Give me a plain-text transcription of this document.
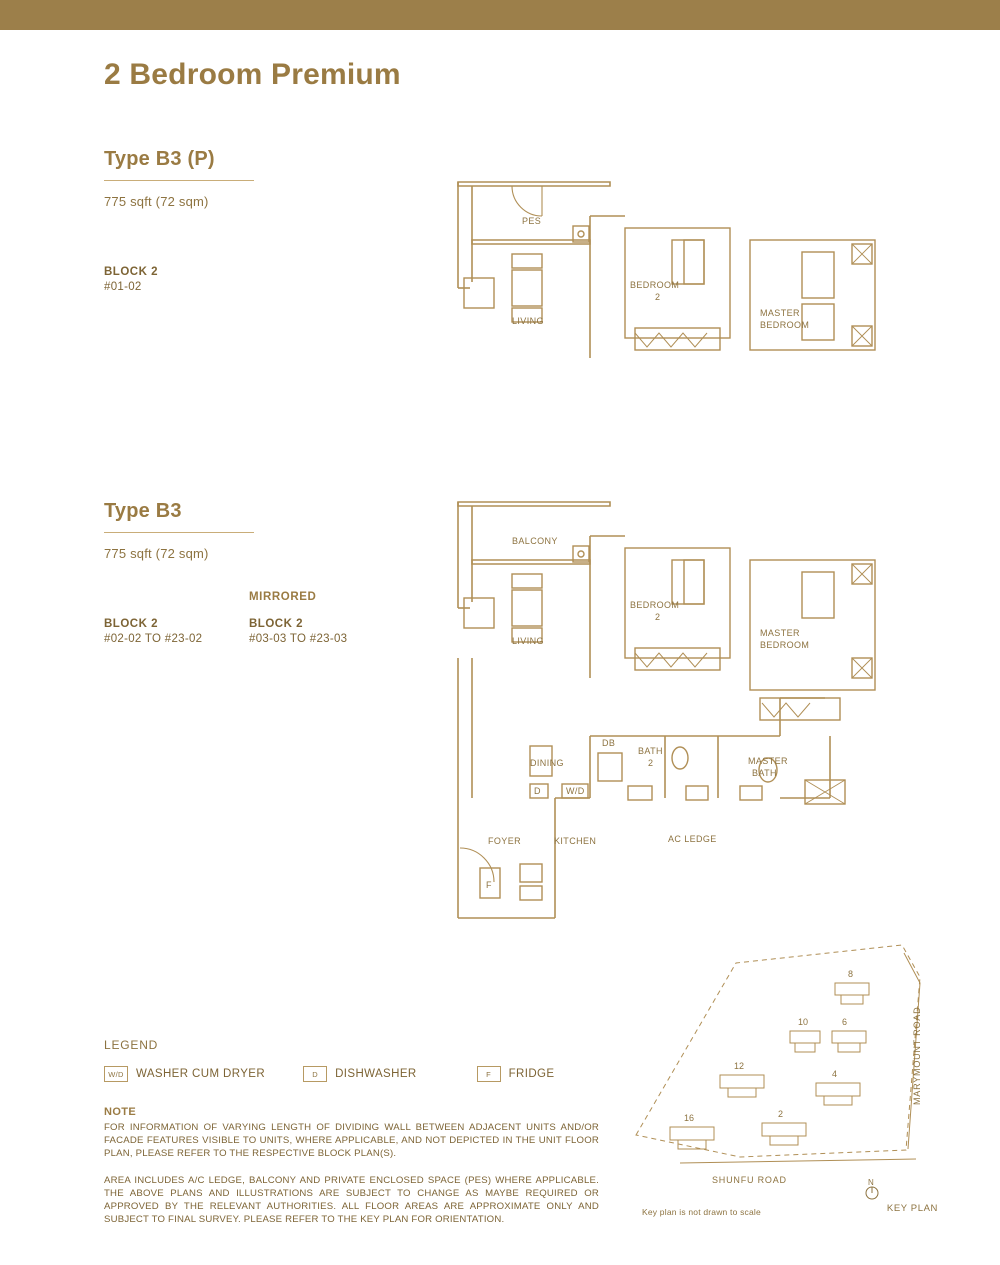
2 Bedroom Premium
Type B3 (P)
775 sqft (72 sqm)
BLOCK 2
#01-02
PES
LIVING
BEDROOM
2
MASTER
BEDROOM
Type B3
775 sqft (72 sqm)
BLOCK 2
#02-02 TO #23-02
MIRRORED
BLOCK 2
#03-03 TO #23-03
BALCONY
LIVING
BEDROOM
2
MASTER
BEDROOM
DINING
DB
BATH
2	MASTER
BATH
FOYER	KITCHEN	AC LEDGE
W/D
D
F
LEGEND
W/D	WASHER CUM DRYER	D	DISHWASHER	F	FRIDGE
NOTE

FOR INFORMATION OF VARYING LENGTH OF DIVIDING WALL BETWEEN ADJACENT UNITS AND/OR FACADE FEATURES VISIBLE TO UNITS, WHERE APPLICABLE, AND NOT DEPICTED IN THE UNIT FLOOR PLAN, PLEASE REFER TO THE RESPECTIVE BLOCK PLAN(S).

AREA INCLUDES A/C LEDGE, BALCONY AND PRIVATE ENCLOSED SPACE (PES) WHERE APPLICABLE. THE ABOVE PLANS AND ILLUSTRATIONS ARE SUBJECT TO CHANGE AS MAYBE REQUIRED OR APPROVED BY THE RELEVANT AUTHORITIES. ALL FLOOR AREAS ARE APPROXIMATE ONLY AND SUBJECT TO FINAL SURVEY. PLEASE REFER TO THE KEY PLAN FOR ORIENTATION.

8
10	6
12
4
16	2
MARYMOUNT ROAD
SHUNFU ROAD	N
Key plan is not drawn to scale	KEY PLAN
